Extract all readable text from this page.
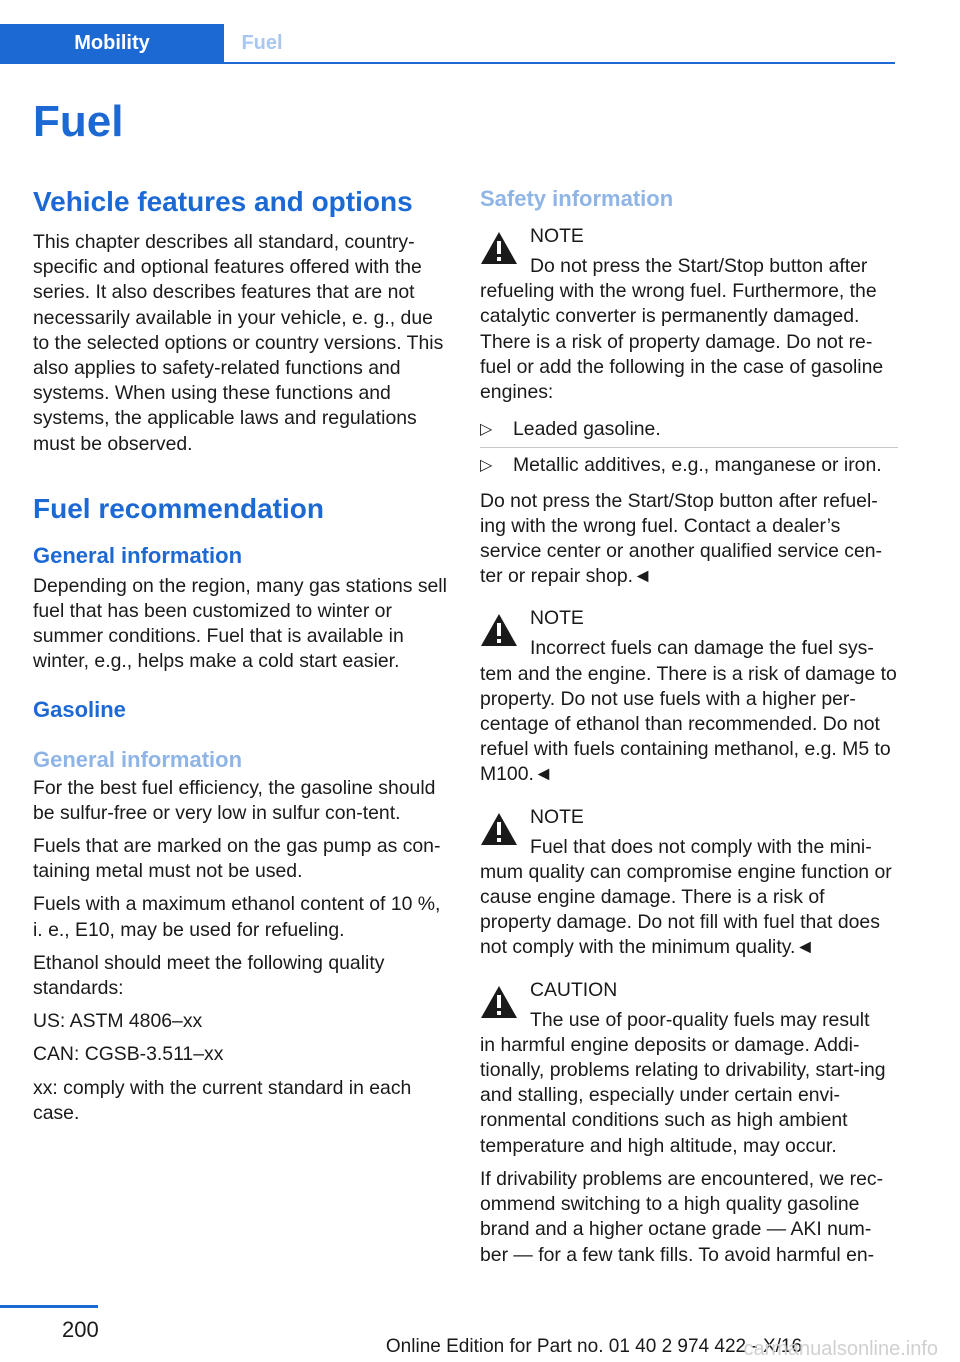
Mobility	Fuel
Fuel
Vehicle features and options

This chapter describes all standard, country-specific and optional features offered with the series. It also describes features that are not necessarily available in your vehicle, e. g., due to the selected options or country versions. This also applies to safety-related functions and systems. When using these functions and systems, the applicable laws and regulations must be observed.

Fuel recommendation
General information

Depending on the region, many gas stations sell fuel that has been customized to winter or summer conditions. Fuel that is available in winter, e.g., helps make a cold start easier.

Gasoline
General information

For the best fuel efficiency, the gasoline should be sulfur-free or very low in sulfur con-tent.

Fuels that are marked on the gas pump as con-taining metal must not be used.

Fuels with a maximum ethanol content of 10 %, i. e., E10, may be used for refueling.

Ethanol should meet the following quality standards:

US: ASTM 4806–xx

CAN: CGSB-3.511–xx

xx: comply with the current standard in each case.

Safety information
NOTE
Do not press the Start/Stop button after

refueling with the wrong fuel. Furthermore, the catalytic converter is permanently damaged. There is a risk of property damage. Do not re-fuel or add the following in the case of gasoline engines:

▷ Leaded gasoline.
▷ Metallic additives, e.g., manganese or iron.

Do not press the Start/Stop button after refuel-ing with the wrong fuel. Contact a dealer’s service center or another qualified service cen-ter or repair shop.◄

NOTE
Incorrect fuels can damage the fuel sys-

tem and the engine. There is a risk of damage to property. Do not use fuels with a higher per-centage of ethanol than recommended. Do not refuel with fuels containing methanol, e.g. M5 to M100.◄

NOTE
Fuel that does not comply with the mini-

mum quality can compromise engine function or cause engine damage. There is a risk of property damage. Do not fill with fuel that does not comply with the minimum quality.◄

CAUTION
The use of poor-quality fuels may result

in harmful engine deposits or damage. Addi-tionally, problems relating to drivability, start-ing and stalling, especially under certain envi-ronmental conditions such as high ambient temperature and high altitude, may occur.

If drivability problems are encountered, we rec-ommend switching to a high quality gasoline brand and a higher octane grade — AKI num-ber — for a few tank fills. To avoid harmful en-

200
Online Edition for Part no. 01 40 2 974 422 - X/16
carmanualsonline.info
